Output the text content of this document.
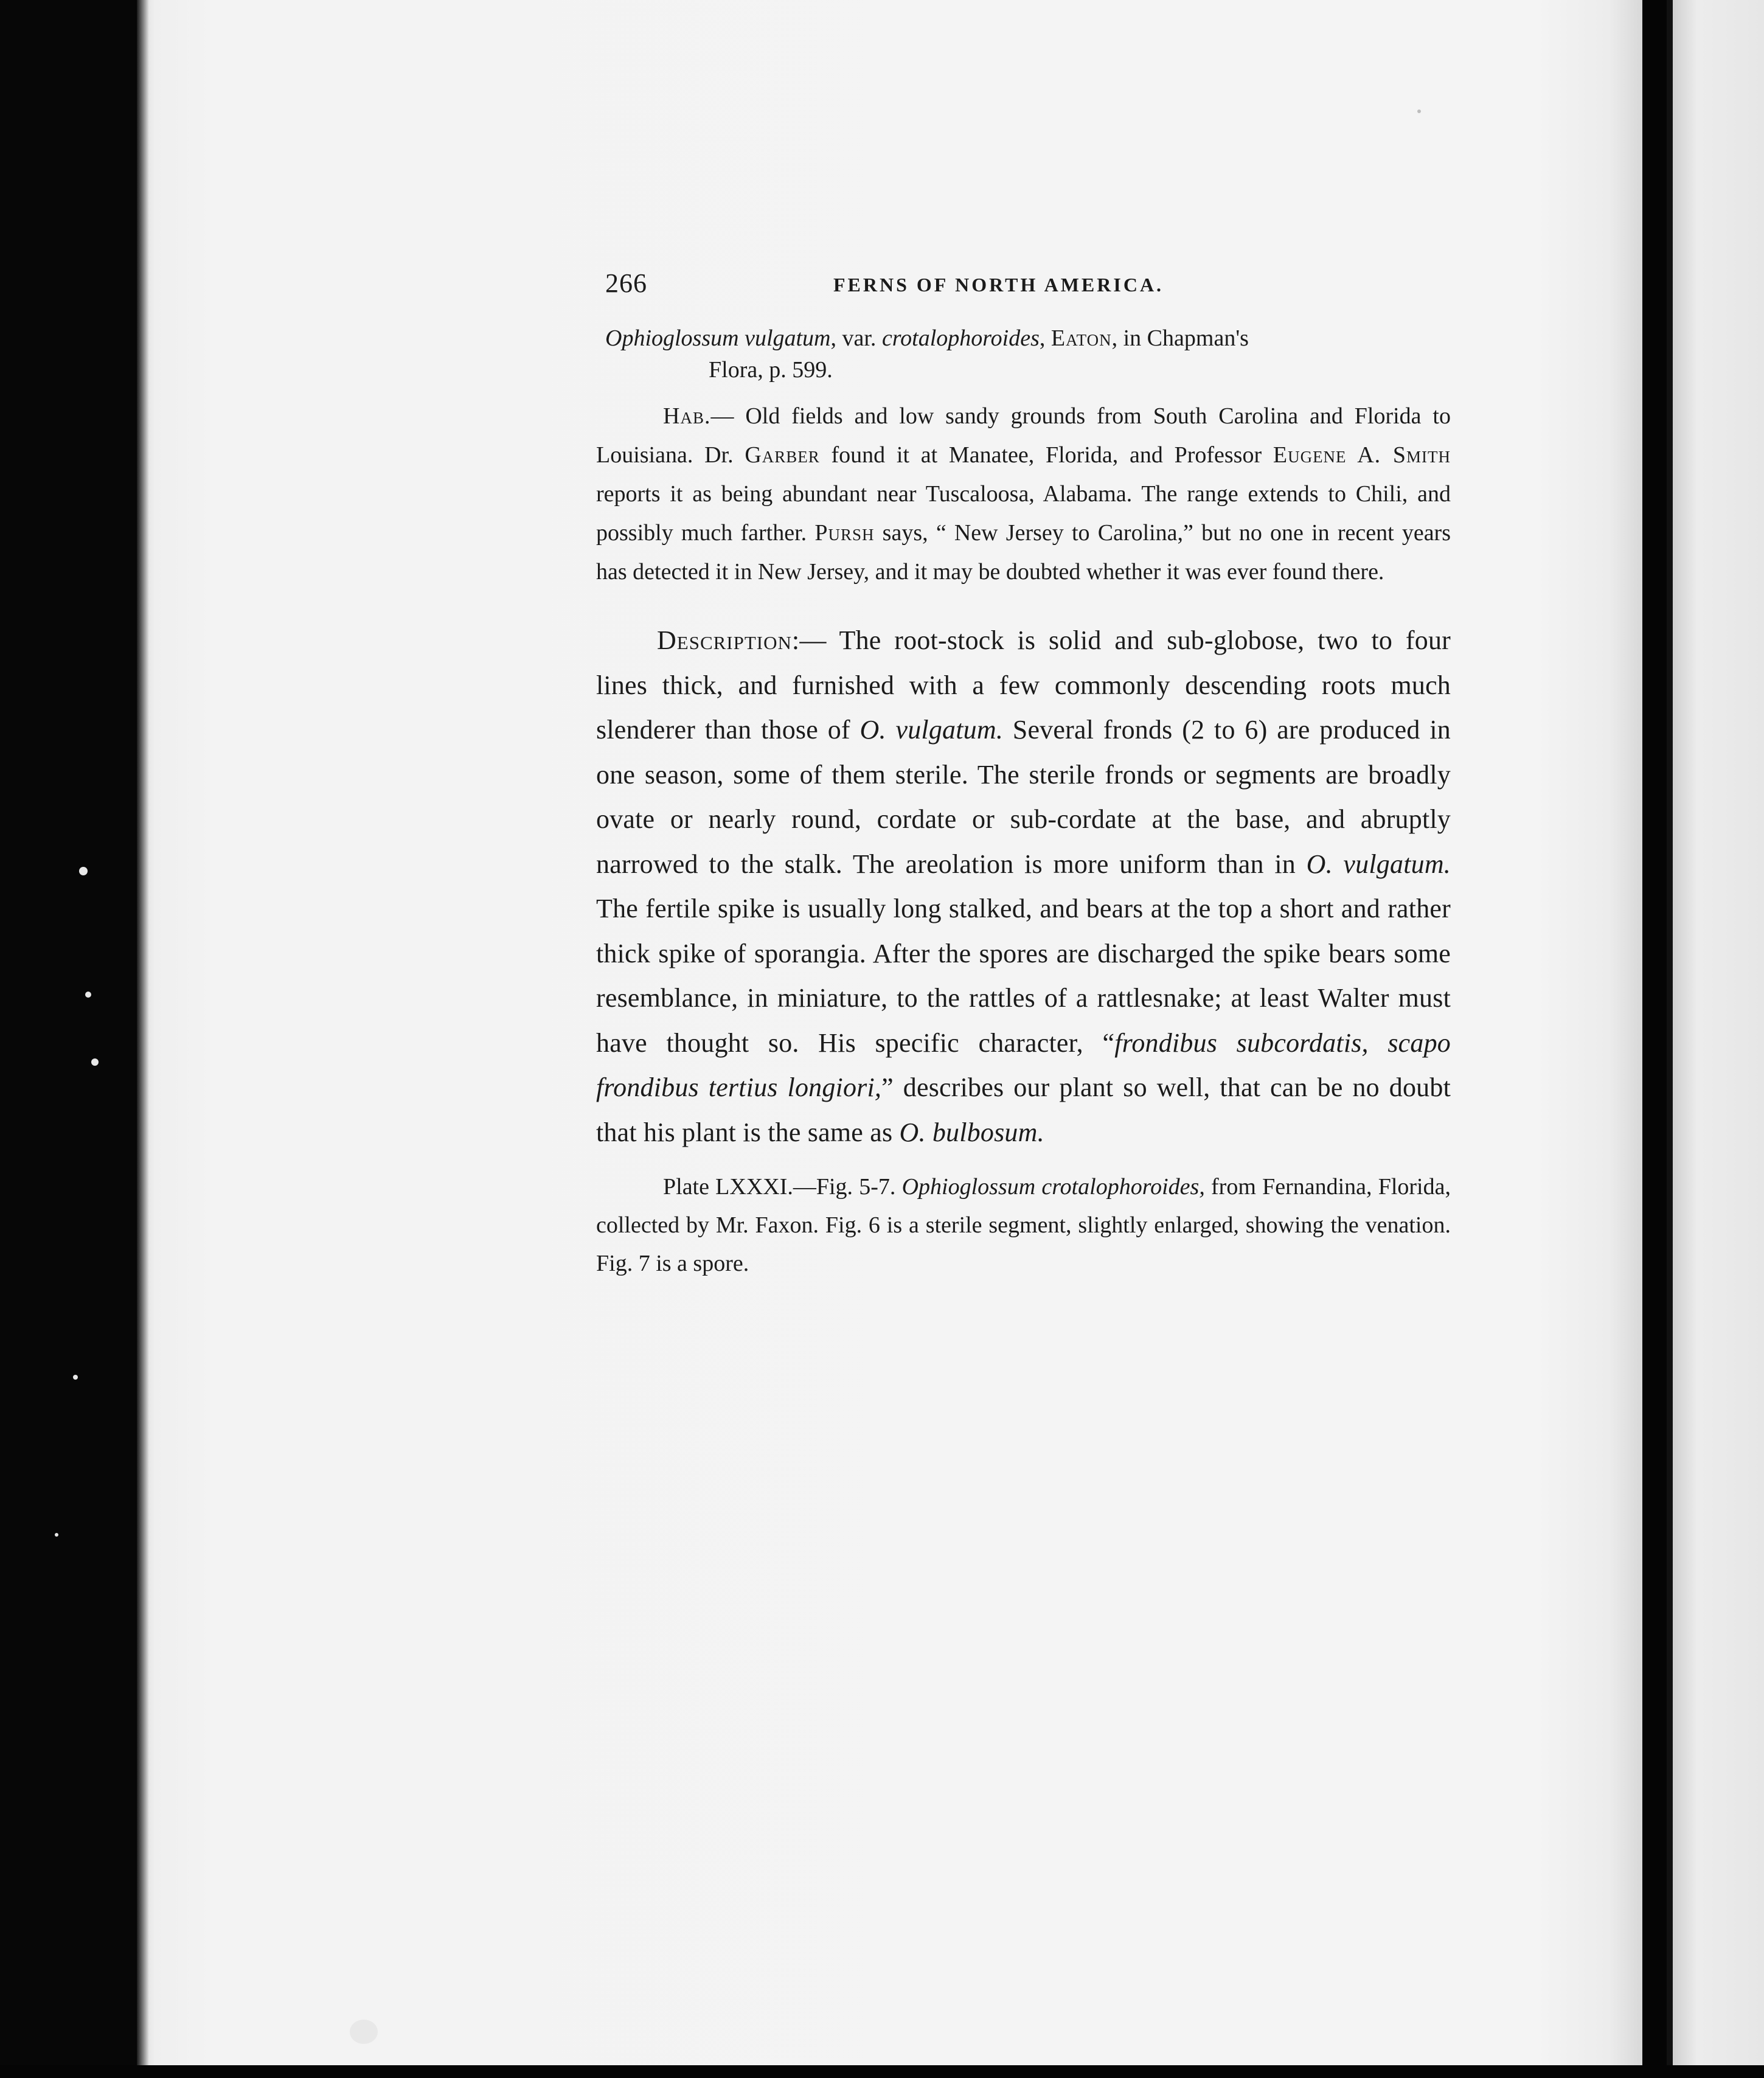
266	FERNS OF NORTH AMERICA.

Ophioglossum vulgatum, var. crotalophoroides, Eaton, in Chapman's
Flora, p. 599.

Hab.— Old fields and low sandy grounds from South Carolina and Florida to Louisiana. Dr. Garber found it at Manatee, Florida, and Professor Eugene A. Smith reports it as being abundant near Tuscaloosa, Alabama. The range extends to Chili, and possibly much farther. Pursh says, “ New Jersey to Carolina,” but no one in recent years has detected it in New Jersey, and it may be doubted whether it was ever found there.

Description:— The root-stock is solid and sub-globose, two to four lines thick, and furnished with a few commonly descending roots much slenderer than those of O. vulgatum. Several fronds (2 to 6) are produced in one season, some of them sterile. The sterile fronds or segments are broadly ovate or nearly round, cordate or sub-cordate at the base, and abruptly narrowed to the stalk. The areolation is more uniform than in O. vulgatum. The fertile spike is usually long stalked, and bears at the top a short and rather thick spike of sporangia. After the spores are discharged the spike bears some resemblance, in miniature, to the rattles of a rattlesnake; at least Walter must have thought so. His specific character, “frondibus subcordatis, scapo frondibus tertius longiori,” describes our plant so well, that can be no doubt that his plant is the same as O. bulbosum.

Plate LXXXI.—Fig. 5-7. Ophioglossum crotalophoroides, from Fernandina, Florida, collected by Mr. Faxon. Fig. 6 is a sterile segment, slightly enlarged, showing the venation. Fig. 7 is a spore.
